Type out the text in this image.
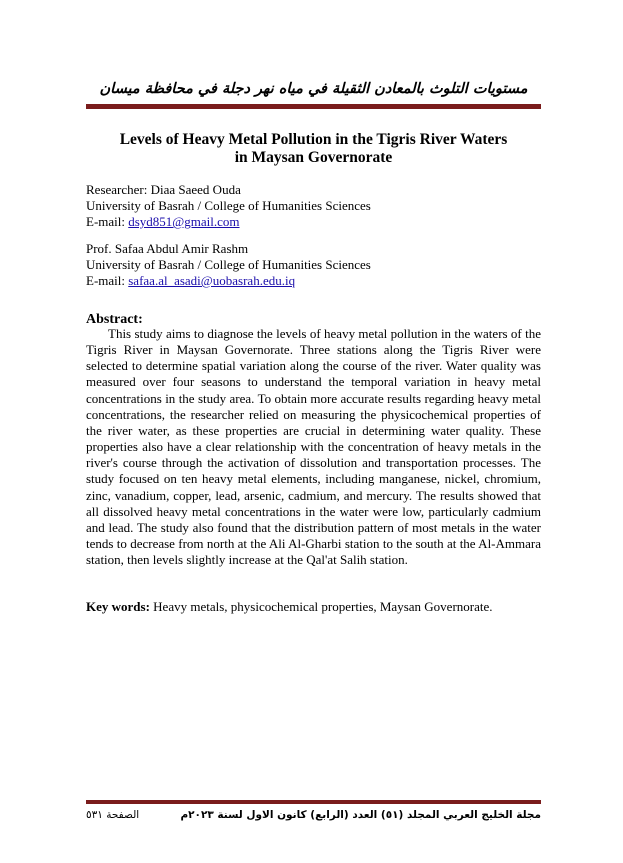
مستويات التلوث بالمعادن الثقيلة في مياه نهر دجلة في محافظة ميسان
Levels of Heavy Metal Pollution in the Tigris River Waters
in Maysan Governorate
Researcher: Diaa Saeed Ouda
University of Basrah / College of Humanities Sciences
E-mail: dsyd851@gmail.com
Prof. Safaa Abdul Amir Rashm
University of Basrah / College of Humanities Sciences
E-mail: safaa.al_asadi@uobasrah.edu.iq
Abstract:

This study aims to diagnose the levels of heavy metal pollution in the waters of the Tigris River in Maysan Governorate. Three stations along the Tigris River were selected to determine spatial variation along the course of the river. Water quality was measured over four seasons to understand the temporal variation in heavy metal concentrations in the study area. To obtain more accurate results regarding heavy metal concentrations, the researcher relied on measuring the physicochemical properties of the river water, as these properties are crucial in determining water quality. These properties also have a clear relationship with the concentration of heavy metals in the river's course through the activation of dissolution and transportation processes. The study focused on ten heavy metal elements, including manganese, nickel, chromium, zinc, vanadium, copper, lead, arsenic, cadmium, and mercury. The results showed that all dissolved heavy metal concentrations in the water were low, particularly cadmium and lead. The study also found that the distribution pattern of most metals in the water tends to decrease from north at the Ali Al-Gharbi station to the south at the Al-Ammara station, then levels slightly increase at the Qal'at Salih station.

Key words: Heavy metals, physicochemical properties, Maysan Governorate.
مجلة الخليج العربي المجلد (٥١) العدد (الرابع) كانون الاول لسنة ٢٠٢٣م
الصفحة ٥٣١
